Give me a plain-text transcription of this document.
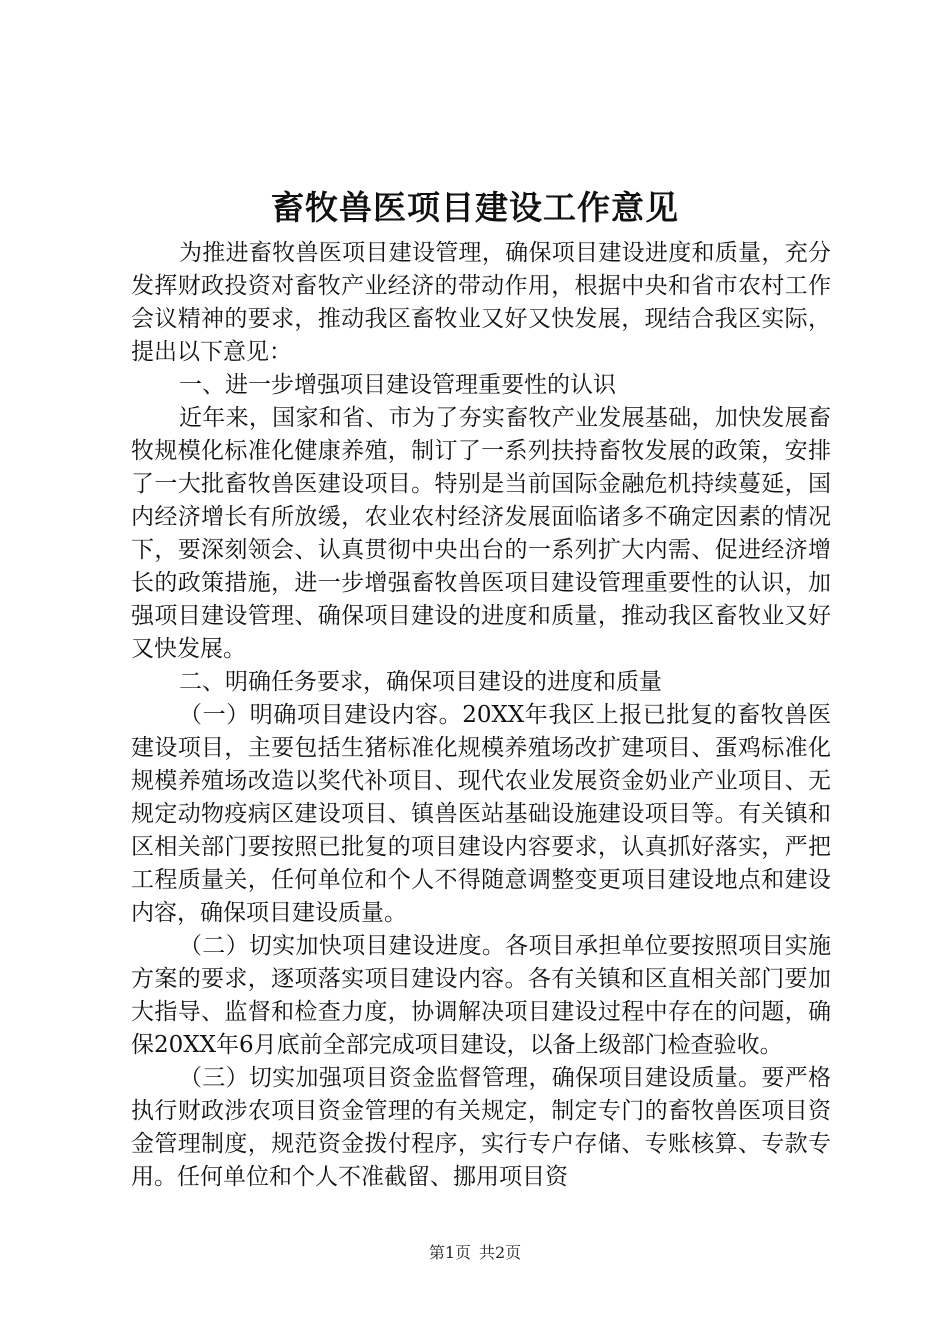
畜牧兽医项目建设工作意见

为推进畜牧兽医项目建设管理，确保项目建设进度和质量，充分发挥财政投资对畜牧产业经济的带动作用，根据中央和省市农村工作会议精神的要求，推动我区畜牧业又好又快发展，现结合我区实际，提出以下意见：

一、进一步增强项目建设管理重要性的认识

近年来，国家和省、市为了夯实畜牧产业发展基础，加快发展畜牧规模化标准化健康养殖，制订了一系列扶持畜牧发展的政策，安排了一大批畜牧兽医建设项目。特别是当前国际金融危机持续蔓延，国内经济增长有所放缓，农业农村经济发展面临诸多不确定因素的情况下，要深刻领会、认真贯彻中央出台的一系列扩大内需、促进经济增长的政策措施，进一步增强畜牧兽医项目建设管理重要性的认识，加强项目建设管理、确保项目建设的进度和质量，推动我区畜牧业又好又快发展。

二、明确任务要求，确保项目建设的进度和质量

（一）明确项目建设内容。20XX年我区上报已批复的畜牧兽医建设项目，主要包括生猪标准化规模养殖场改扩建项目、蛋鸡标准化规模养殖场改造以奖代补项目、现代农业发展资金奶业产业项目、无规定动物疫病区建设项目、镇兽医站基础设施建设项目等。有关镇和区相关部门要按照已批复的项目建设内容要求，认真抓好落实，严把工程质量关，任何单位和个人不得随意调整变更项目建设地点和建设内容，确保项目建设质量。

（二）切实加快项目建设进度。各项目承担单位要按照项目实施方案的要求，逐项落实项目建设内容。各有关镇和区直相关部门要加大指导、监督和检查力度，协调解决项目建设过程中存在的问题，确保20XX年6月底前全部完成项目建设，以备上级部门检查验收。

（三）切实加强项目资金监督管理，确保项目建设质量。要严格执行财政涉农项目资金管理的有关规定，制定专门的畜牧兽医项目资金管理制度，规范资金拨付程序，实行专户存储、专账核算、专款专用。任何单位和个人不准截留、挪用项目资

第1页 共2页
